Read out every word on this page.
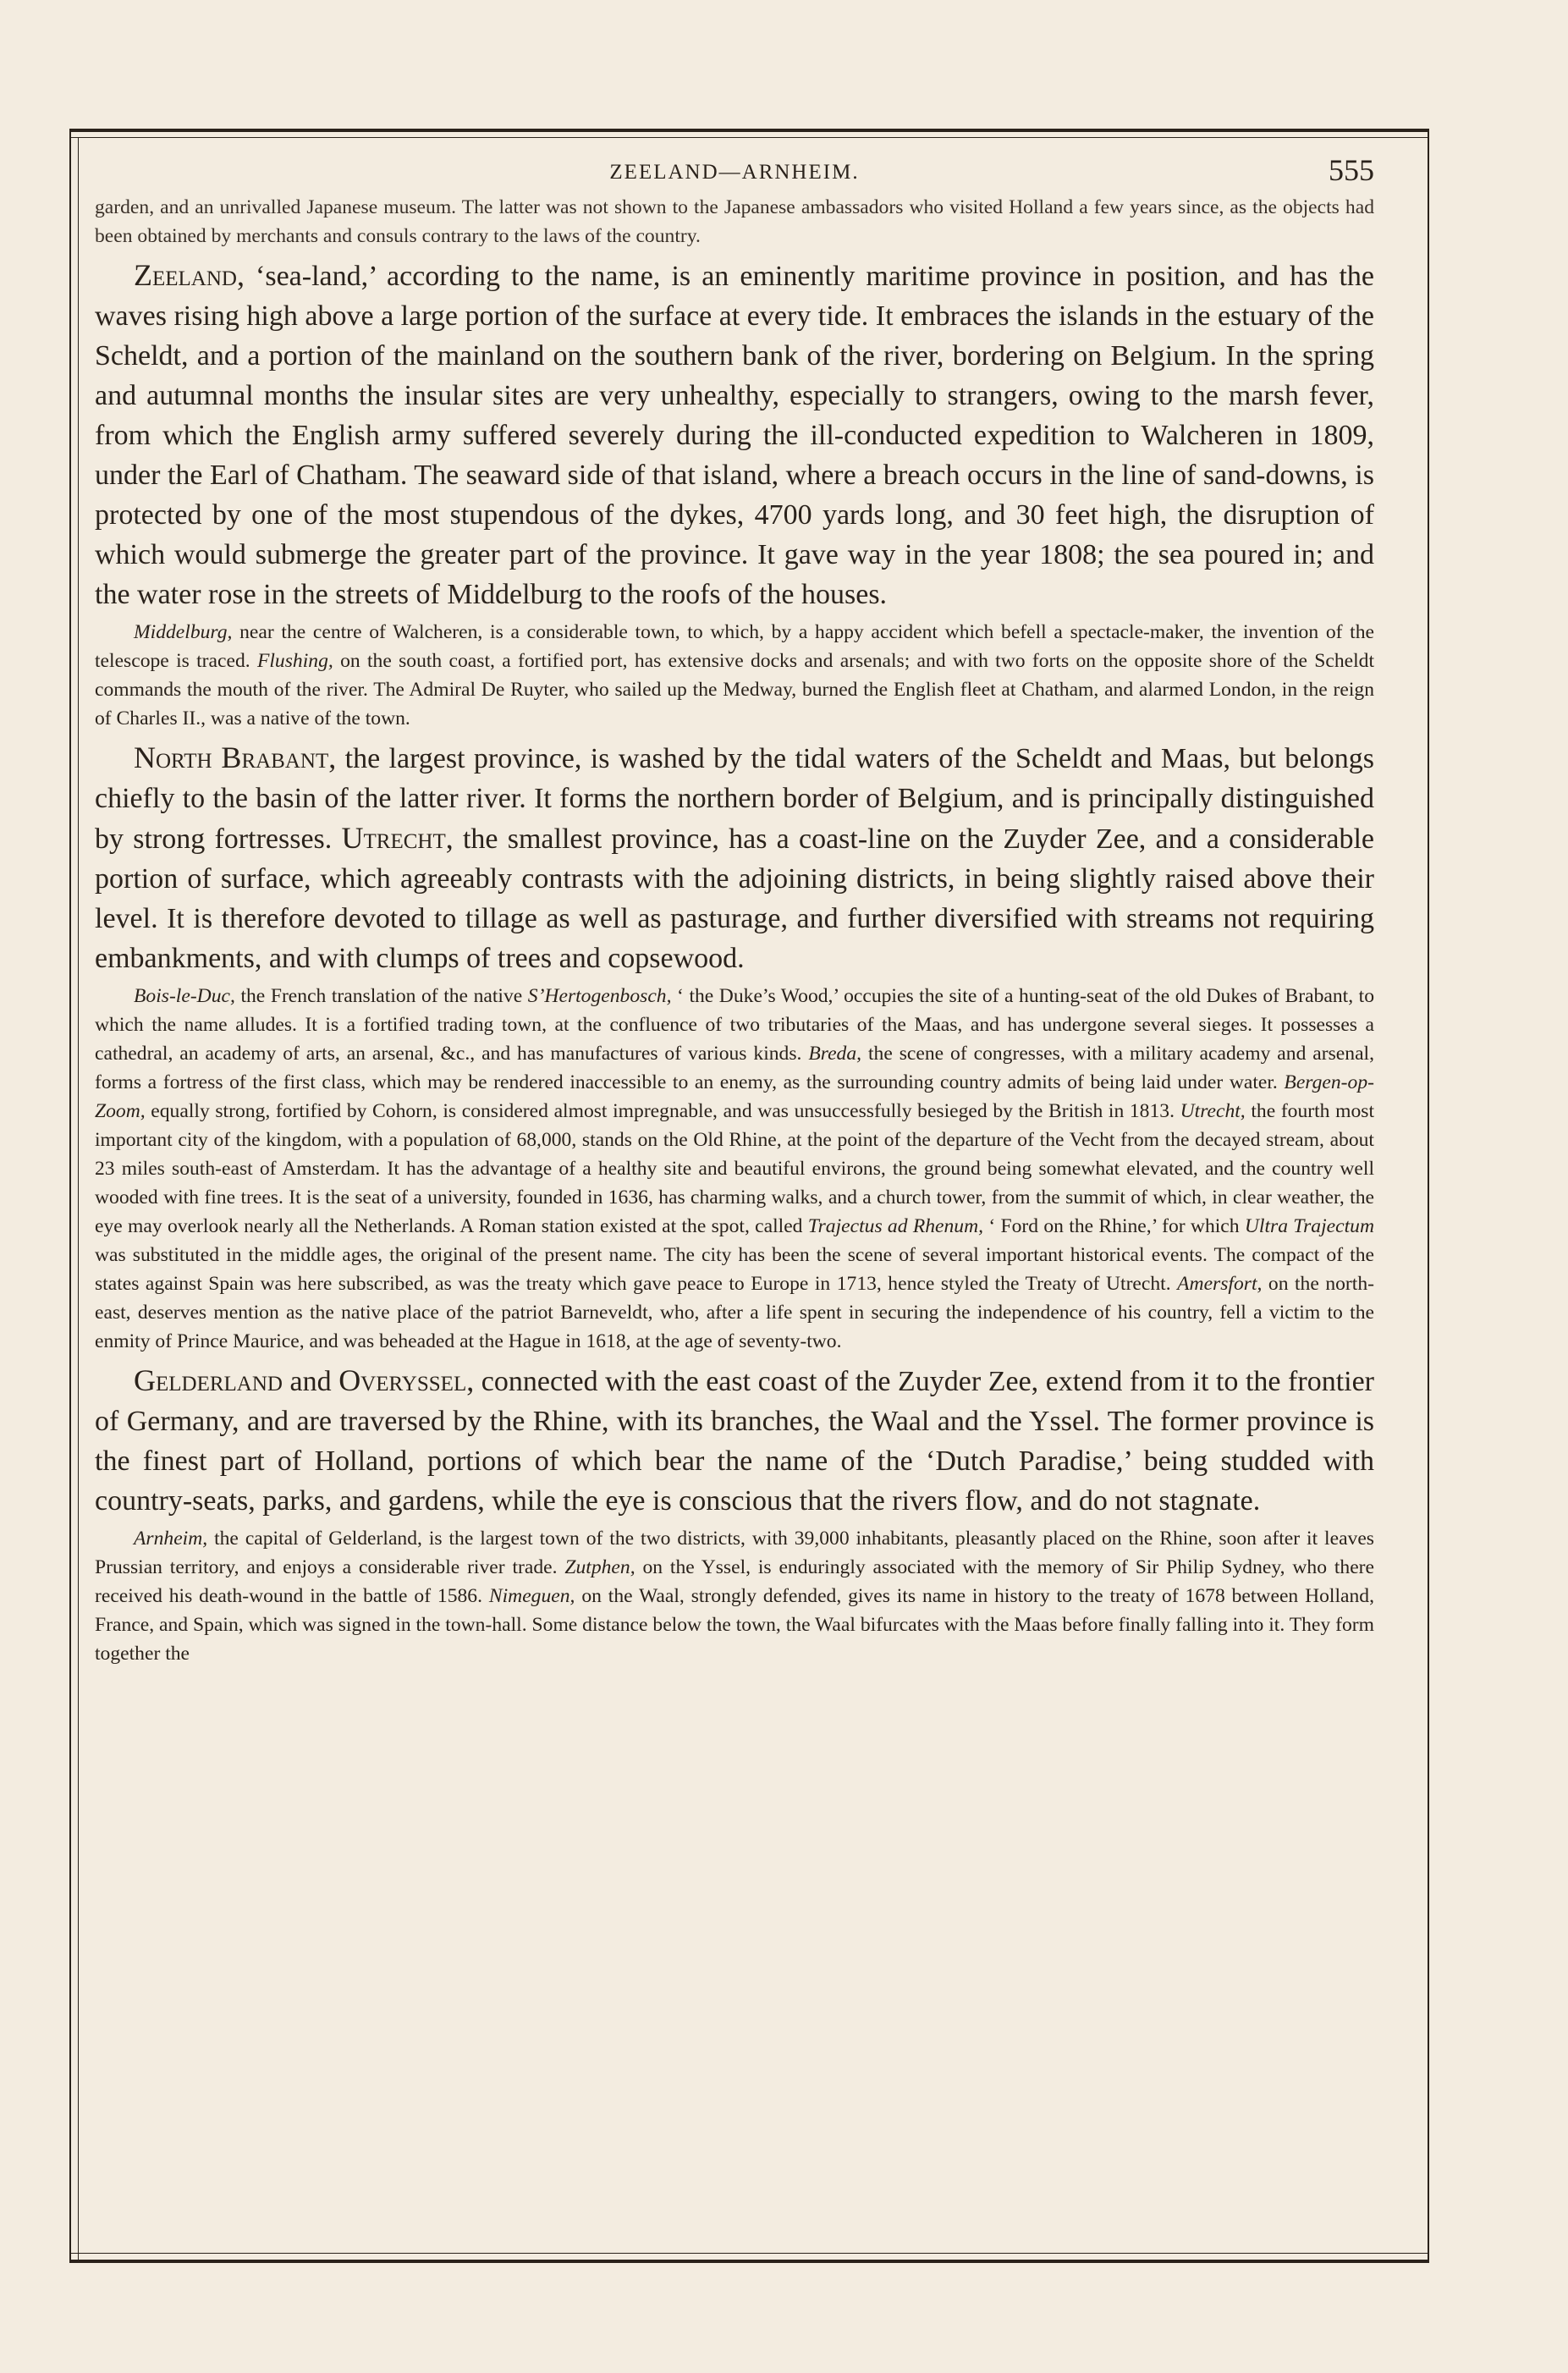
ZEELAND—ARNHEIM.	555

garden, and an unrivalled Japanese museum. The latter was not shown to the Japanese ambassadors who visited Holland a few years since, as the objects had been obtained by merchants and consuls contrary to the laws of the country.

Zeeland, ‘sea-land,’ according to the name, is an eminently maritime province in position, and has the waves rising high above a large portion of the surface at every tide. It embraces the islands in the estuary of the Scheldt, and a portion of the mainland on the southern bank of the river, bordering on Belgium. In the spring and autumnal months the insular sites are very unhealthy, especially to strangers, owing to the marsh fever, from which the English army suffered severely during the ill-conducted expedition to Walcheren in 1809, under the Earl of Chatham. The seaward side of that island, where a breach occurs in the line of sand-downs, is protected by one of the most stupendous of the dykes, 4700 yards long, and 30 feet high, the disruption of which would submerge the greater part of the province. It gave way in the year 1808; the sea poured in; and the water rose in the streets of Middelburg to the roofs of the houses.

Middelburg, near the centre of Walcheren, is a considerable town, to which, by a happy accident which befell a spectacle-maker, the invention of the telescope is traced. Flushing, on the south coast, a fortified port, has extensive docks and arsenals; and with two forts on the opposite shore of the Scheldt commands the mouth of the river. The Admiral De Ruyter, who sailed up the Medway, burned the English fleet at Chatham, and alarmed London, in the reign of Charles II., was a native of the town.

North Brabant, the largest province, is washed by the tidal waters of the Scheldt and Maas, but belongs chiefly to the basin of the latter river. It forms the northern border of Belgium, and is principally distinguished by strong fortresses. Utrecht, the smallest province, has a coast-line on the Zuyder Zee, and a considerable portion of surface, which agreeably contrasts with the adjoining districts, in being slightly raised above their level. It is therefore devoted to tillage as well as pasturage, and further diversified with streams not requiring embankments, and with clumps of trees and copsewood.

Bois-le-Duc, the French translation of the native S’Hertogenbosch, ‘ the Duke’s Wood,’ occupies the site of a hunting-seat of the old Dukes of Brabant, to which the name alludes. It is a fortified trading town, at the confluence of two tributaries of the Maas, and has undergone several sieges. It possesses a cathedral, an academy of arts, an arsenal, &c., and has manufactures of various kinds. Breda, the scene of congresses, with a military academy and arsenal, forms a fortress of the first class, which may be rendered inaccessible to an enemy, as the surrounding country admits of being laid under water. Bergen-op-Zoom, equally strong, fortified by Cohorn, is considered almost impregnable, and was unsuccessfully besieged by the British in 1813. Utrecht, the fourth most important city of the kingdom, with a population of 68,000, stands on the Old Rhine, at the point of the departure of the Vecht from the decayed stream, about 23 miles south-east of Amsterdam. It has the advantage of a healthy site and beautiful environs, the ground being somewhat elevated, and the country well wooded with fine trees. It is the seat of a university, founded in 1636, has charming walks, and a church tower, from the summit of which, in clear weather, the eye may overlook nearly all the Netherlands. A Roman station existed at the spot, called Trajectus ad Rhenum, ‘ Ford on the Rhine,’ for which Ultra Trajectum was substituted in the middle ages, the original of the present name. The city has been the scene of several important historical events. The compact of the states against Spain was here subscribed, as was the treaty which gave peace to Europe in 1713, hence styled the Treaty of Utrecht. Amersfort, on the north-east, deserves mention as the native place of the patriot Barneveldt, who, after a life spent in securing the independence of his country, fell a victim to the enmity of Prince Maurice, and was beheaded at the Hague in 1618, at the age of seventy-two.

Gelderland and Overyssel, connected with the east coast of the Zuyder Zee, extend from it to the frontier of Germany, and are traversed by the Rhine, with its branches, the Waal and the Yssel. The former province is the finest part of Holland, portions of which bear the name of the ‘Dutch Paradise,’ being studded with country-seats, parks, and gardens, while the eye is conscious that the rivers flow, and do not stagnate.

Arnheim, the capital of Gelderland, is the largest town of the two districts, with 39,000 inhabitants, pleasantly placed on the Rhine, soon after it leaves Prussian territory, and enjoys a considerable river trade. Zutphen, on the Yssel, is enduringly associated with the memory of Sir Philip Sydney, who there received his death-wound in the battle of 1586. Nimeguen, on the Waal, strongly defended, gives its name in history to the treaty of 1678 between Holland, France, and Spain, which was signed in the town-hall. Some distance below the town, the Waal bifurcates with the Maas before finally falling into it. They form together the
